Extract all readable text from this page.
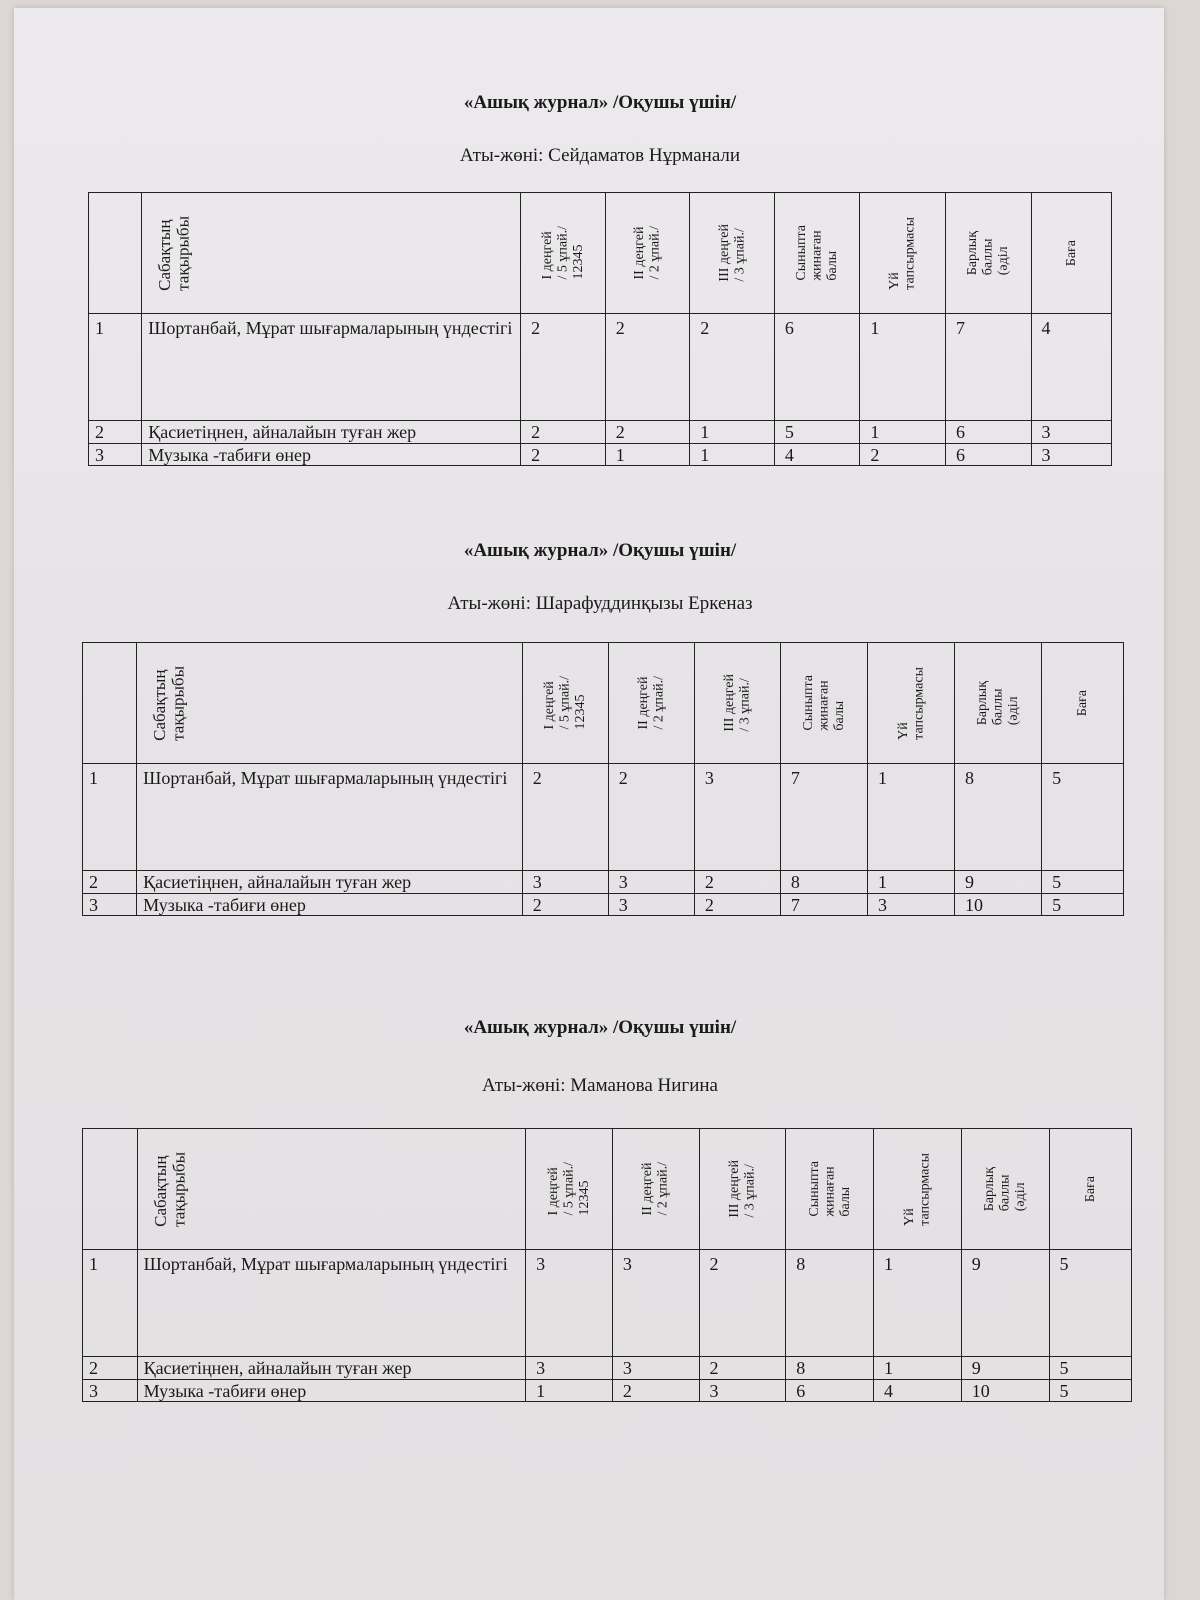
«Ашық журнал» /Оқушы үшін/
Аты-жөні: Сейдаматов Нұрманали

	Сабақтың
тақырыбы	I деңгей
/ 5 ұпай./
12345	II деңгей
/ 2 ұпай./	III деңгей
/ 3 ұпай./	Сыныпта
жинаған
балы	Үй
тапсырмасы	Барлық
баллы
(әділ	Баға

1	Шортанбай, Мұрат шығармаларының үндестігі	2	2	2	6	1	7	4
2	Қасиетіңнен, айналайын туған жер	2	2	1	5	1	6	3
3	Музыка -табиғи өнер	2	1	1	4	2	6	3
«Ашық журнал» /Оқушы үшін/
Аты-жөні: Шарафуддинқызы Еркеназ

	Сабақтың
тақырыбы	I деңгей
/ 5 ұпай./
12345	II деңгей
/ 2 ұпай./	III деңгей
/ 3 ұпай./	Сыныпта
жинаған
балы	Үй
тапсырмасы	Барлық
баллы
(әділ	Баға

1	Шортанбай, Мұрат шығармаларының үндестігі	2	2	3	7	1	8	5
2	Қасиетіңнен, айналайын туған жер	3	3	2	8	1	9	5
3	Музыка -табиғи өнер	2	3	2	7	3	10	5
«Ашық журнал» /Оқушы үшін/
Аты-жөні: Маманова Нигина

	Сабақтың
тақырыбы	I деңгей
/ 5 ұпай./
12345	II деңгей
/ 2 ұпай./	III деңгей
/ 3 ұпай./	Сыныпта
жинаған
балы	Үй
тапсырмасы	Барлық
баллы
(әділ	Баға

1	Шортанбай, Мұрат шығармаларының үндестігі	3	3	2	8	1	9	5
2	Қасиетіңнен, айналайын туған жер	3	3	2	8	1	9	5
3	Музыка -табиғи өнер	1	2	3	6	4	10	5
